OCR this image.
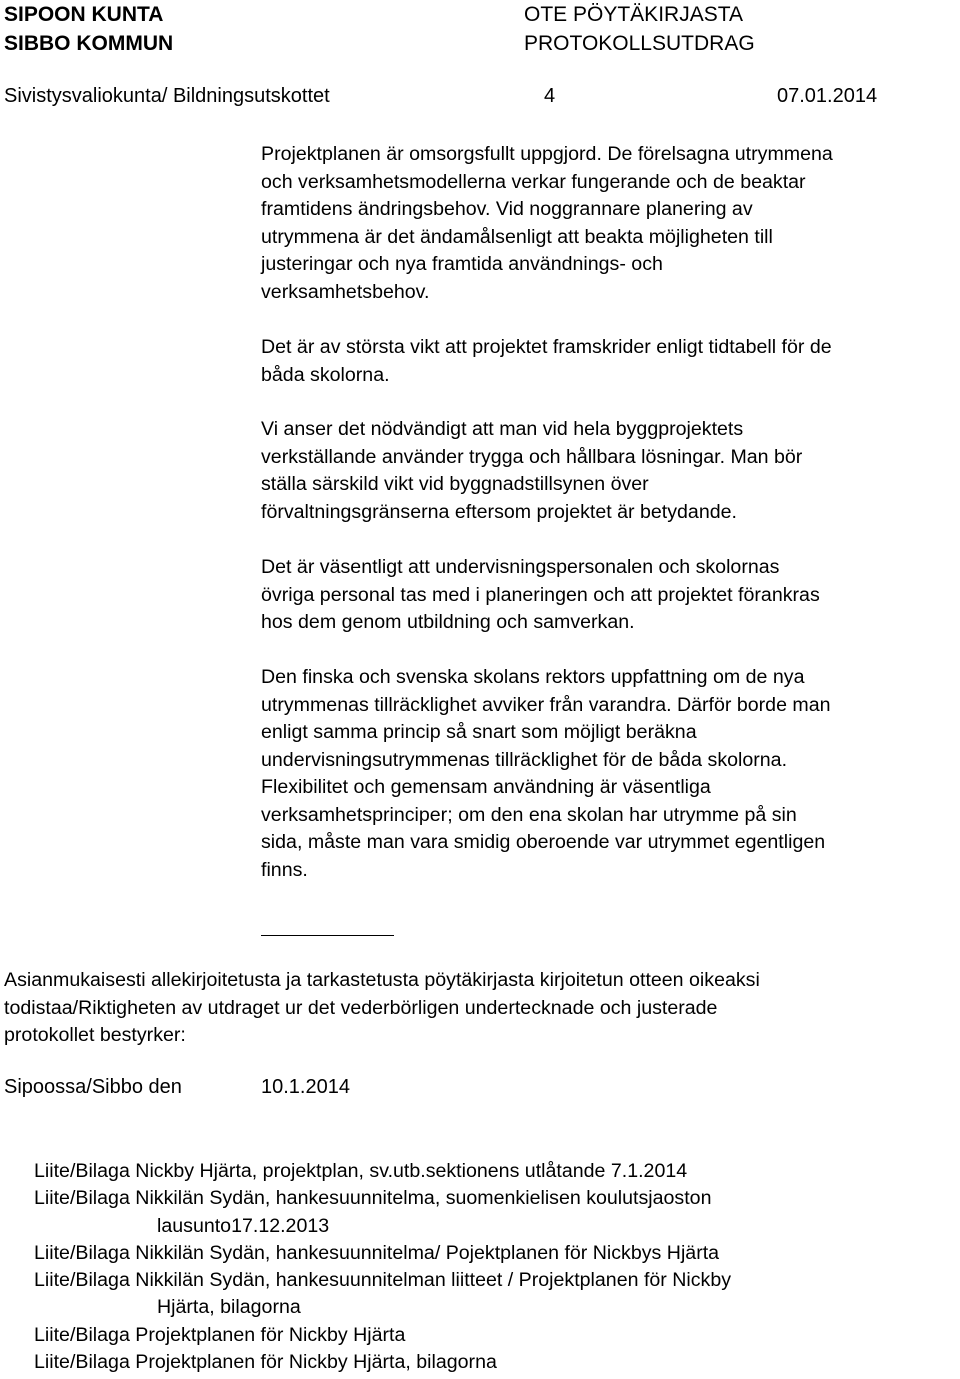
SIPOON KUNTA
SIBBO KOMMUN
OTE PÖYTÄKIRJASTA
PROTOKOLLSUTDRAG
Sivistysvaliokunta/ Bildningsutskottet	4	07.01.2014

Projektplanen är omsorgsfullt uppgjord. De förelsagna utrymmena

och verksamhetsmodellerna verkar fungerande och de beaktar

framtidens ändringsbehov. Vid noggrannare planering av

utrymmena är det ändamålsenligt att beakta möjligheten till

justeringar och nya framtida användnings- och

verksamhetsbehov.

Det är av största vikt att projektet framskrider enligt tidtabell för de

båda skolorna.

Vi anser det nödvändigt att man vid hela byggprojektets

verkställande använder trygga och hållbara lösningar. Man bör

ställa särskild vikt vid byggnadstillsynen över

förvaltningsgränserna eftersom projektet är betydande.

Det är väsentligt att undervisningspersonalen och skolornas

övriga personal tas med i planeringen och att projektet förankras

hos dem genom utbildning och samverkan.

Den finska och svenska skolans rektors uppfattning om de nya

utrymmenas tillräcklighet avviker från varandra. Därför borde man

enligt samma princip så snart som möjligt beräkna

undervisningsutrymmenas tillräcklighet för de båda skolorna.

Flexibilitet och gemensam användning är väsentliga

verksamhetsprinciper; om den ena skolan har utrymme på sin

sida, måste man vara smidig oberoende var utrymmet egentligen

finns.

Asianmukaisesti allekirjoitetusta ja tarkastetusta pöytäkirjasta kirjoitetun otteen oikeaksi

todistaa/Riktigheten av utdraget ur det vederbörligen undertecknade och justerade

protokollet bestyrker:

Sipoossa/Sibbo den	10.1.2014

Liite/Bilaga Nickby Hjärta, projektplan, sv.utb.sektionens utlåtande 7.1.2014

Liite/Bilaga Nikkilän Sydän, hankesuunnitelma, suomenkielisen koulutsjaoston

lausunto17.12.2013

Liite/Bilaga Nikkilän Sydän, hankesuunnitelma/ Pojektplanen för Nickbys Hjärta

Liite/Bilaga Nikkilän Sydän, hankesuunnitelman liitteet / Projektplanen för Nickby

Hjärta, bilagorna

Liite/Bilaga Projektplanen för Nickby Hjärta

Liite/Bilaga Projektplanen för Nickby Hjärta, bilagorna
